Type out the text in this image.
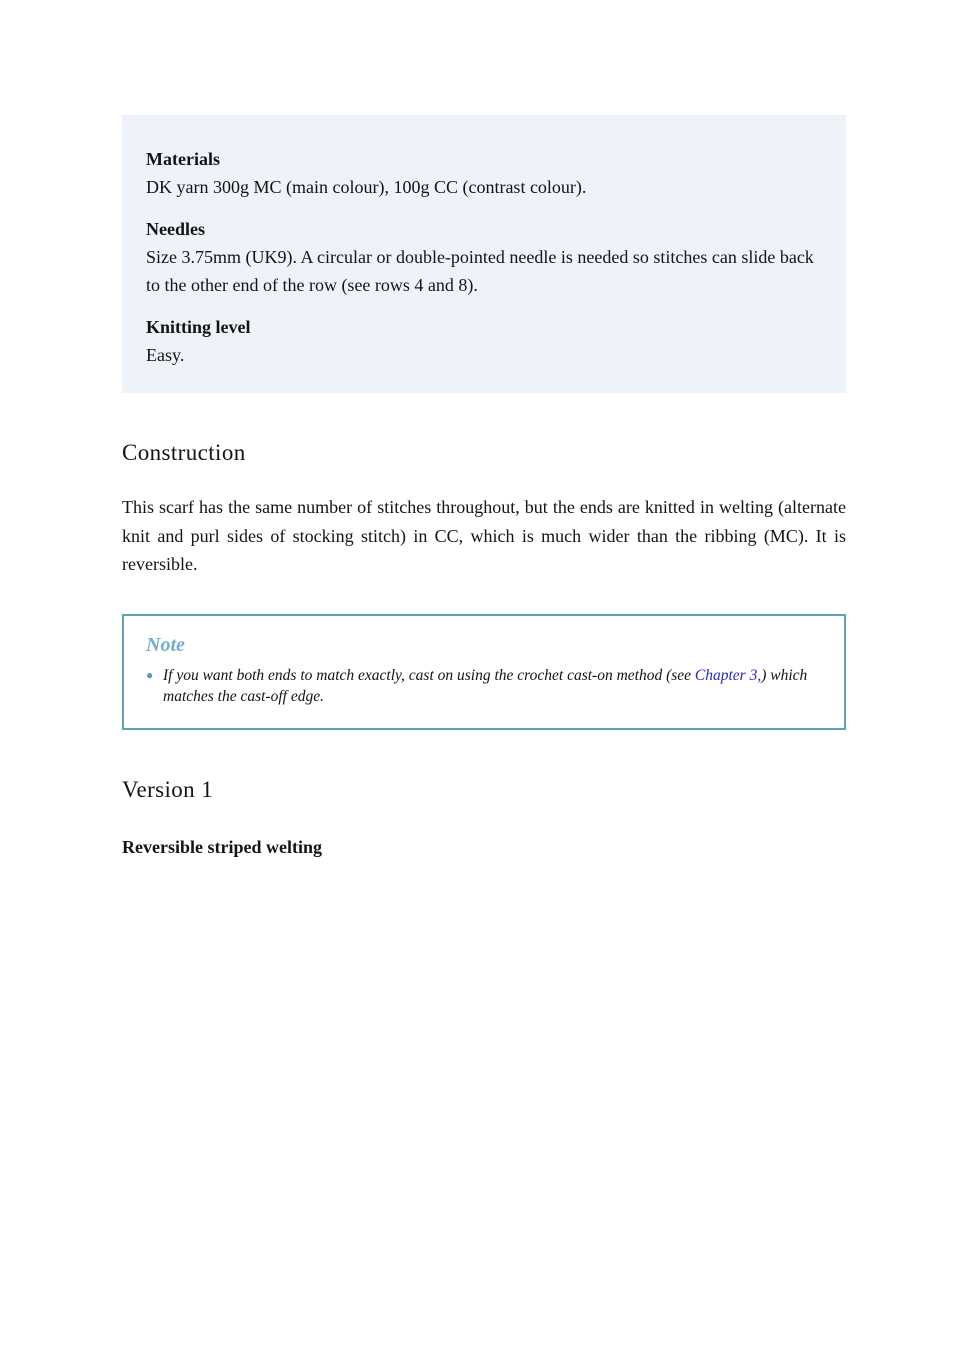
Materials
DK yarn 300g MC (main colour), 100g CC (contrast colour).
Needles
Size 3.75mm (UK9). A circular or double-pointed needle is needed so stitches can slide back to the other end of the row (see rows 4 and 8).
Knitting level
Easy.
Construction

This scarf has the same number of stitches throughout, but the ends are knitted in welting (alternate knit and purl sides of stocking stitch) in CC, which is much wider than the ribbing (MC). It is reversible.

Note
● If you want both ends to match exactly, cast on using the crochet cast-on method (see Chapter 3,) which matches the cast-off edge.
Version 1
Reversible striped welting
